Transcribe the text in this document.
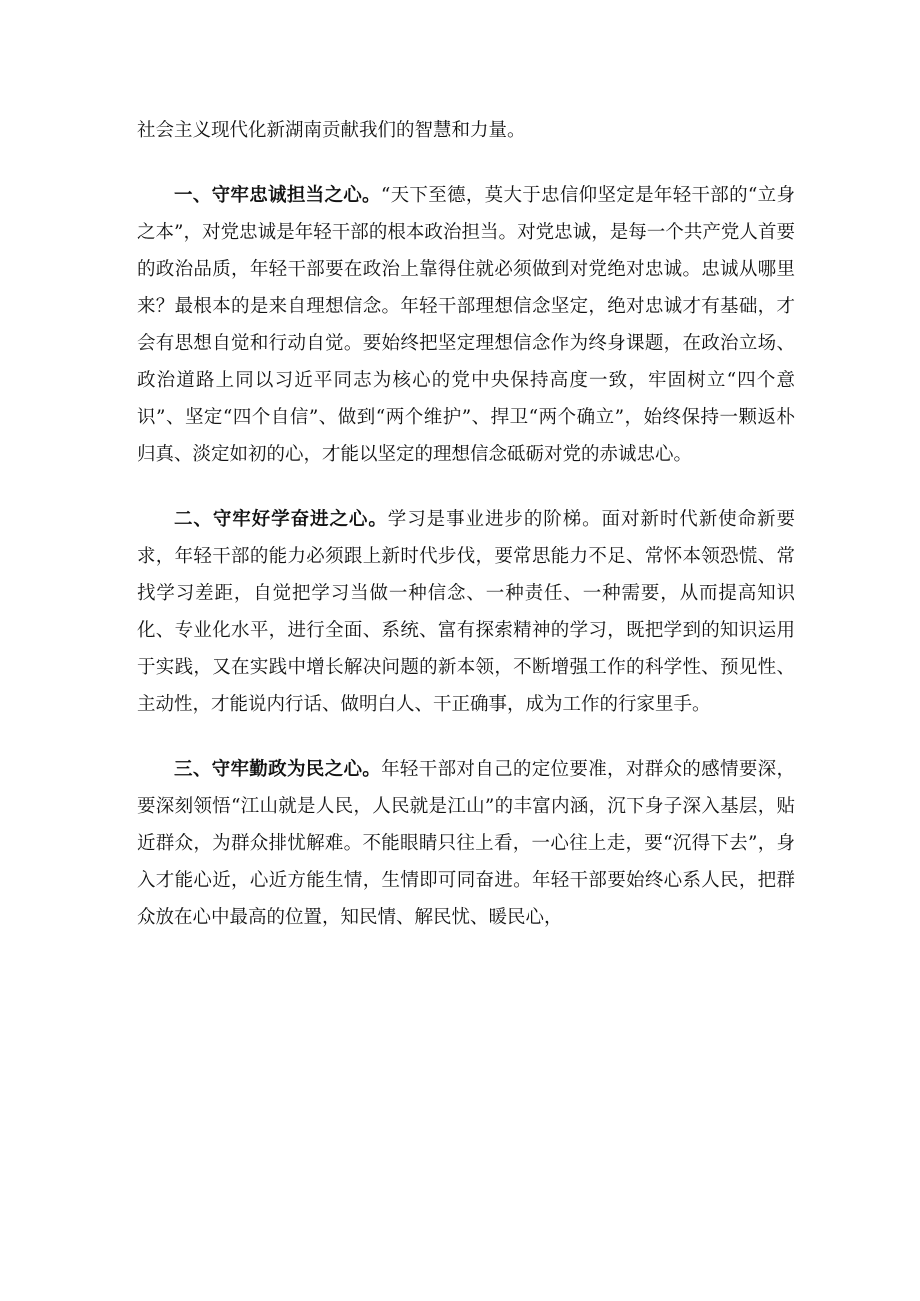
社会主义现代化新湖南贡献我们的智慧和力量。

一、守牢忠诚担当之心。“天下至德，莫大于忠信仰坚定是年轻干部的“立身之本”，对党忠诚是年轻干部的根本政治担当。对党忠诚，是每一个共产党人首要的政治品质，年轻干部要在政治上靠得住就必须做到对党绝对忠诚。忠诚从哪里来？最根本的是来自理想信念。年轻干部理想信念坚定，绝对忠诚才有基础，才会有思想自觉和行动自觉。要始终把坚定理想信念作为终身课题，在政治立场、政治道路上同以习近平同志为核心的党中央保持高度一致，牢固树立“四个意识”、坚定“四个自信”、做到“两个维护”、捍卫“两个确立”，始终保持一颗返朴归真、淡定如初的心，才能以坚定的理想信念砥砺对党的赤诚忠心。

二、守牢好学奋进之心。学习是事业进步的阶梯。面对新时代新使命新要求，年轻干部的能力必须跟上新时代步伐，要常思能力不足、常怀本领恐慌、常找学习差距，自觉把学习当做一种信念、一种责任、一种需要，从而提高知识化、专业化水平，进行全面、系统、富有探索精神的学习，既把学到的知识运用于实践，又在实践中增长解决问题的新本领，不断增强工作的科学性、预见性、主动性，才能说内行话、做明白人、干正确事，成为工作的行家里手。

三、守牢勤政为民之心。年轻干部对自己的定位要准，对群众的感情要深，要深刻领悟“江山就是人民，人民就是江山”的丰富内涵，沉下身子深入基层，贴近群众，为群众排忧解难。不能眼睛只往上看，一心往上走，要“沉得下去”，身入才能心近，心近方能生情，生情即可同奋进。年轻干部要始终心系人民，把群众放在心中最高的位置，知民情、解民忧、暖民心，
